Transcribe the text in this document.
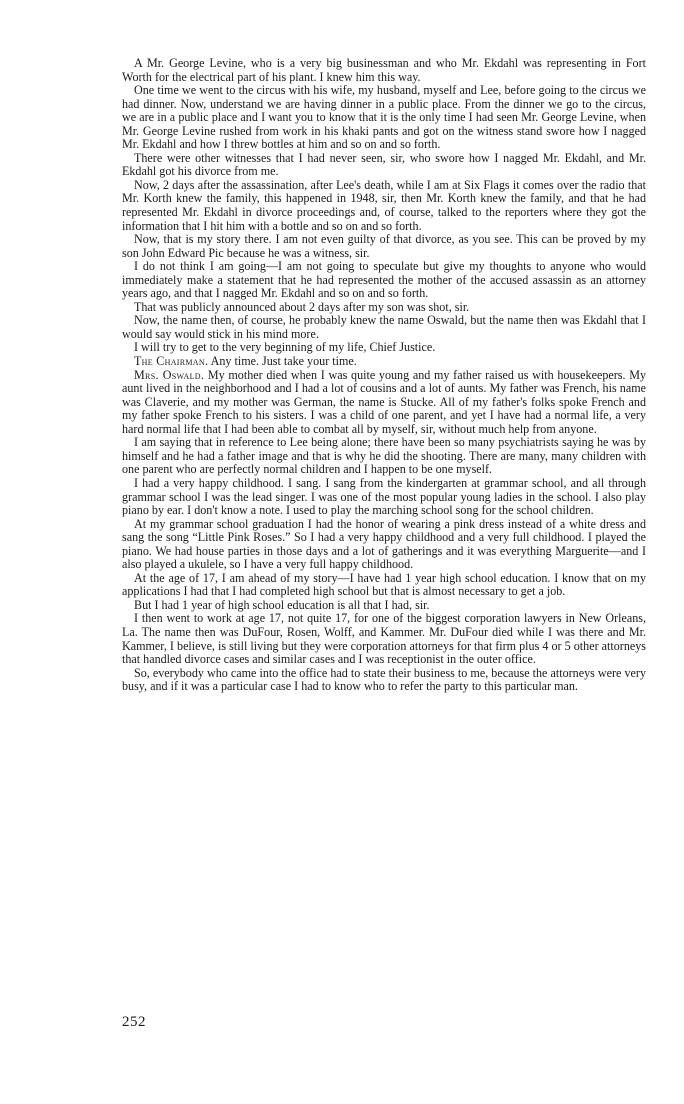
A Mr. George Levine, who is a very big businessman and who Mr. Ekdahl was representing in Fort Worth for the electrical part of his plant. I knew him this way.

One time we went to the circus with his wife, my husband, myself and Lee, before going to the circus we had dinner. Now, understand we are having dinner in a public place. From the dinner we go to the circus, we are in a public place and I want you to know that it is the only time I had seen Mr. George Levine, when Mr. George Levine rushed from work in his khaki pants and got on the witness stand swore how I nagged Mr. Ekdahl and how I threw bottles at him and so on and so forth.

There were other witnesses that I had never seen, sir, who swore how I nagged Mr. Ekdahl, and Mr. Ekdahl got his divorce from me.

Now, 2 days after the assassination, after Lee's death, while I am at Six Flags it comes over the radio that Mr. Korth knew the family, this happened in 1948, sir, then Mr. Korth knew the family, and that he had represented Mr. Ekdahl in divorce proceedings and, of course, talked to the reporters where they got the information that I hit him with a bottle and so on and so forth.

Now, that is my story there. I am not even guilty of that divorce, as you see. This can be proved by my son John Edward Pic because he was a witness, sir.

I do not think I am going—I am not going to speculate but give my thoughts to anyone who would immediately make a statement that he had represented the mother of the accused assassin as an attorney years ago, and that I nagged Mr. Ekdahl and so on and so forth.

That was publicly announced about 2 days after my son was shot, sir.

Now, the name then, of course, he probably knew the name Oswald, but the name then was Ekdahl that I would say would stick in his mind more.

I will try to get to the very beginning of my life, Chief Justice.

The Chairman. Any time. Just take your time.

Mrs. Oswald. My mother died when I was quite young and my father raised us with housekeepers. My aunt lived in the neighborhood and I had a lot of cousins and a lot of aunts. My father was French, his name was Claverie, and my mother was German, the name is Stucke. All of my father's folks spoke French and my father spoke French to his sisters. I was a child of one parent, and yet I have had a normal life, a very hard normal life that I had been able to combat all by myself, sir, without much help from anyone.

I am saying that in reference to Lee being alone; there have been so many psychiatrists saying he was by himself and he had a father image and that is why he did the shooting. There are many, many children with one parent who are perfectly normal children and I happen to be one myself.

I had a very happy childhood. I sang. I sang from the kindergarten at grammar school, and all through grammar school I was the lead singer. I was one of the most popular young ladies in the school. I also play piano by ear. I don't know a note. I used to play the marching school song for the school children.

At my grammar school graduation I had the honor of wearing a pink dress instead of a white dress and sang the song “Little Pink Roses.” So I had a very happy childhood and a very full childhood. I played the piano. We had house parties in those days and a lot of gatherings and it was everything Marguerite—and I also played a ukulele, so I have a very full happy childhood.

At the age of 17, I am ahead of my story—I have had 1 year high school education. I know that on my applications I had that I had completed high school but that is almost necessary to get a job.

But I had 1 year of high school education is all that I had, sir.

I then went to work at age 17, not quite 17, for one of the biggest corporation lawyers in New Orleans, La. The name then was DuFour, Rosen, Wolff, and Kammer. Mr. DuFour died while I was there and Mr. Kammer, I believe, is still living but they were corporation attorneys for that firm plus 4 or 5 other attorneys that handled divorce cases and similar cases and I was receptionist in the outer office.

So, everybody who came into the office had to state their business to me, because the attorneys were very busy, and if it was a particular case I had to know who to refer the party to this particular man.

252
